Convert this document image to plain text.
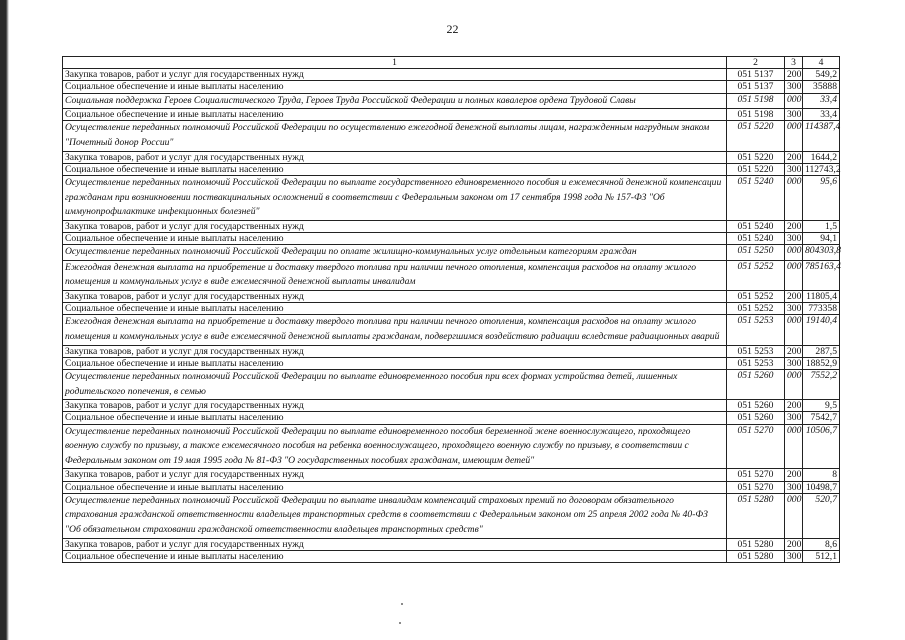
22
1	2	3	4
Закупка товаров, работ и услуг для государственных нужд	051 5137	200	549,2
Социальное обеспечение и иные выплаты населению	051 5137	300	35888
Социальная поддержка Героев Социалистического Труда, Героев Труда Российской Федерации и полных кавалеров ордена Трудовой Славы	051 5198	000	33,4
Социальное обеспечение и иные выплаты населению	051 5198	300	33,4
Осуществление переданных полномочий Российской Федерации по осуществлению ежегодной денежной выплаты лицам, награжденным нагрудным знаком "Почетный донор России"	051 5220	000	114387,4
Закупка товаров, работ и услуг для государственных нужд	051 5220	200	1644,2
Социальное обеспечение и иные выплаты населению	051 5220	300	112743,2
Осуществление переданных полномочий Российской Федерации по выплате государственного единовременного пособия и ежемесячной денежной компенсации гражданам при возникновении поствакцинальных осложнений в соответствии с Федеральным законом от 17 сентября 1998 года № 157-ФЗ "Об иммунопрофилактике инфекционных болезней"	051 5240	000	95,6
Закупка товаров, работ и услуг для государственных нужд	051 5240	200	1,5
Социальное обеспечение и иные выплаты населению	051 5240	300	94,1
Осуществление переданных полномочий Российской Федерации по оплате жилищно-коммунальных услуг отдельным категориям граждан	051 5250	000	804303,8
Ежегодная денежная выплата на приобретение и доставку твердого топлива при наличии печного отопления, компенсация расходов на оплату жилого помещения и коммунальных услуг в виде ежемесячной денежной выплаты инвалидам	051 5252	000	785163,4
Закупка товаров, работ и услуг для государственных нужд	051 5252	200	11805,4
Социальное обеспечение и иные выплаты населению	051 5252	300	773358
Ежегодная денежная выплата на приобретение и доставку твердого топлива при наличии печного отопления, компенсация расходов на оплату жилого помещения и коммунальных услуг в виде ежемесячной денежной выплаты гражданам, подвергшимся воздействию радиации вследствие радиационных аварий	051 5253	000	19140,4
Закупка товаров, работ и услуг для государственных нужд	051 5253	200	287,5
Социальное обеспечение и иные выплаты населению	051 5253	300	18852,9
Осуществление переданных полномочий Российской Федерации по выплате единовременного пособия при всех формах устройства детей, лишенных родительского попечения, в семью	051 5260	000	7552,2
Закупка товаров, работ и услуг для государственных нужд	051 5260	200	9,5
Социальное обеспечение и иные выплаты населению	051 5260	300	7542,7
Осуществление переданных полномочий Российской Федерации по выплате единовременного пособия беременной жене военнослужащего, проходящего военную службу по призыву, а также ежемесячного пособия на ребенка военнослужащего, проходящего военную службу по призыву, в соответствии с Федеральным законом от 19 мая 1995 года № 81-ФЗ "О государственных пособиях гражданам, имеющим детей"	051 5270	000	10506,7
Закупка товаров, работ и услуг для государственных нужд	051 5270	200	8
Социальное обеспечение и иные выплаты населению	051 5270	300	10498,7
Осуществление переданных полномочий Российской Федерации по выплате инвалидам компенсаций страховых премий по договорам обязательного страхования гражданской ответственности владельцев транспортных средств в соответствии с Федеральным законом от 25 апреля 2002 года № 40-ФЗ "Об обязательном страховании гражданской ответственности владельцев транспортных средств"	051 5280	000	520,7
Закупка товаров, работ и услуг для государственных нужд	051 5280	200	8,6
Социальное обеспечение и иные выплаты населению	051 5280	300	512,1
